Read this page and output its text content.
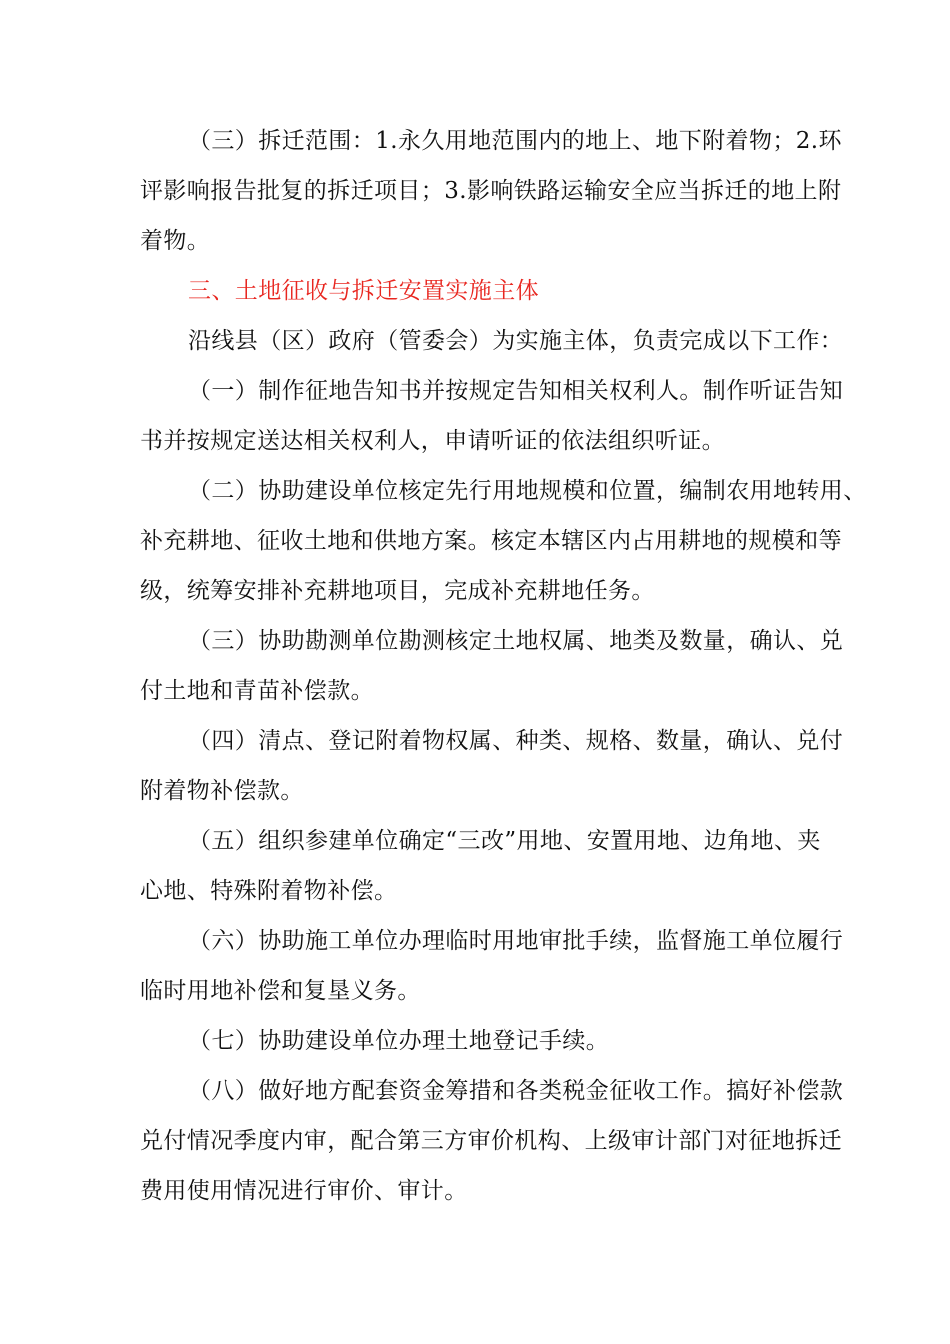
（三）拆迁范围：1.永久用地范围内的地上、地下附着物；2.环
评影响报告批复的拆迁项目；3.影响铁路运输安全应当拆迁的地上附
着物。
三、土地征收与拆迁安置实施主体
沿线县（区）政府（管委会）为实施主体，负责完成以下工作：
（一）制作征地告知书并按规定告知相关权利人。制作听证告知
书并按规定送达相关权利人，申请听证的依法组织听证。
（二）协助建设单位核定先行用地规模和位置，编制农用地转用、
补充耕地、征收土地和供地方案。核定本辖区内占用耕地的规模和等
级，统筹安排补充耕地项目，完成补充耕地任务。
（三）协助勘测单位勘测核定土地权属、地类及数量，确认、兑
付土地和青苗补偿款。
（四）清点、登记附着物权属、种类、规格、数量，确认、兑付
附着物补偿款。
（五）组织参建单位确定“三改”用地、安置用地、边角地、夹
心地、特殊附着物补偿。
（六）协助施工单位办理临时用地审批手续，监督施工单位履行
临时用地补偿和复垦义务。
（七）协助建设单位办理土地登记手续。
（八）做好地方配套资金筹措和各类税金征收工作。搞好补偿款
兑付情况季度内审，配合第三方审价机构、上级审计部门对征地拆迁
费用使用情况进行审价、审计。
